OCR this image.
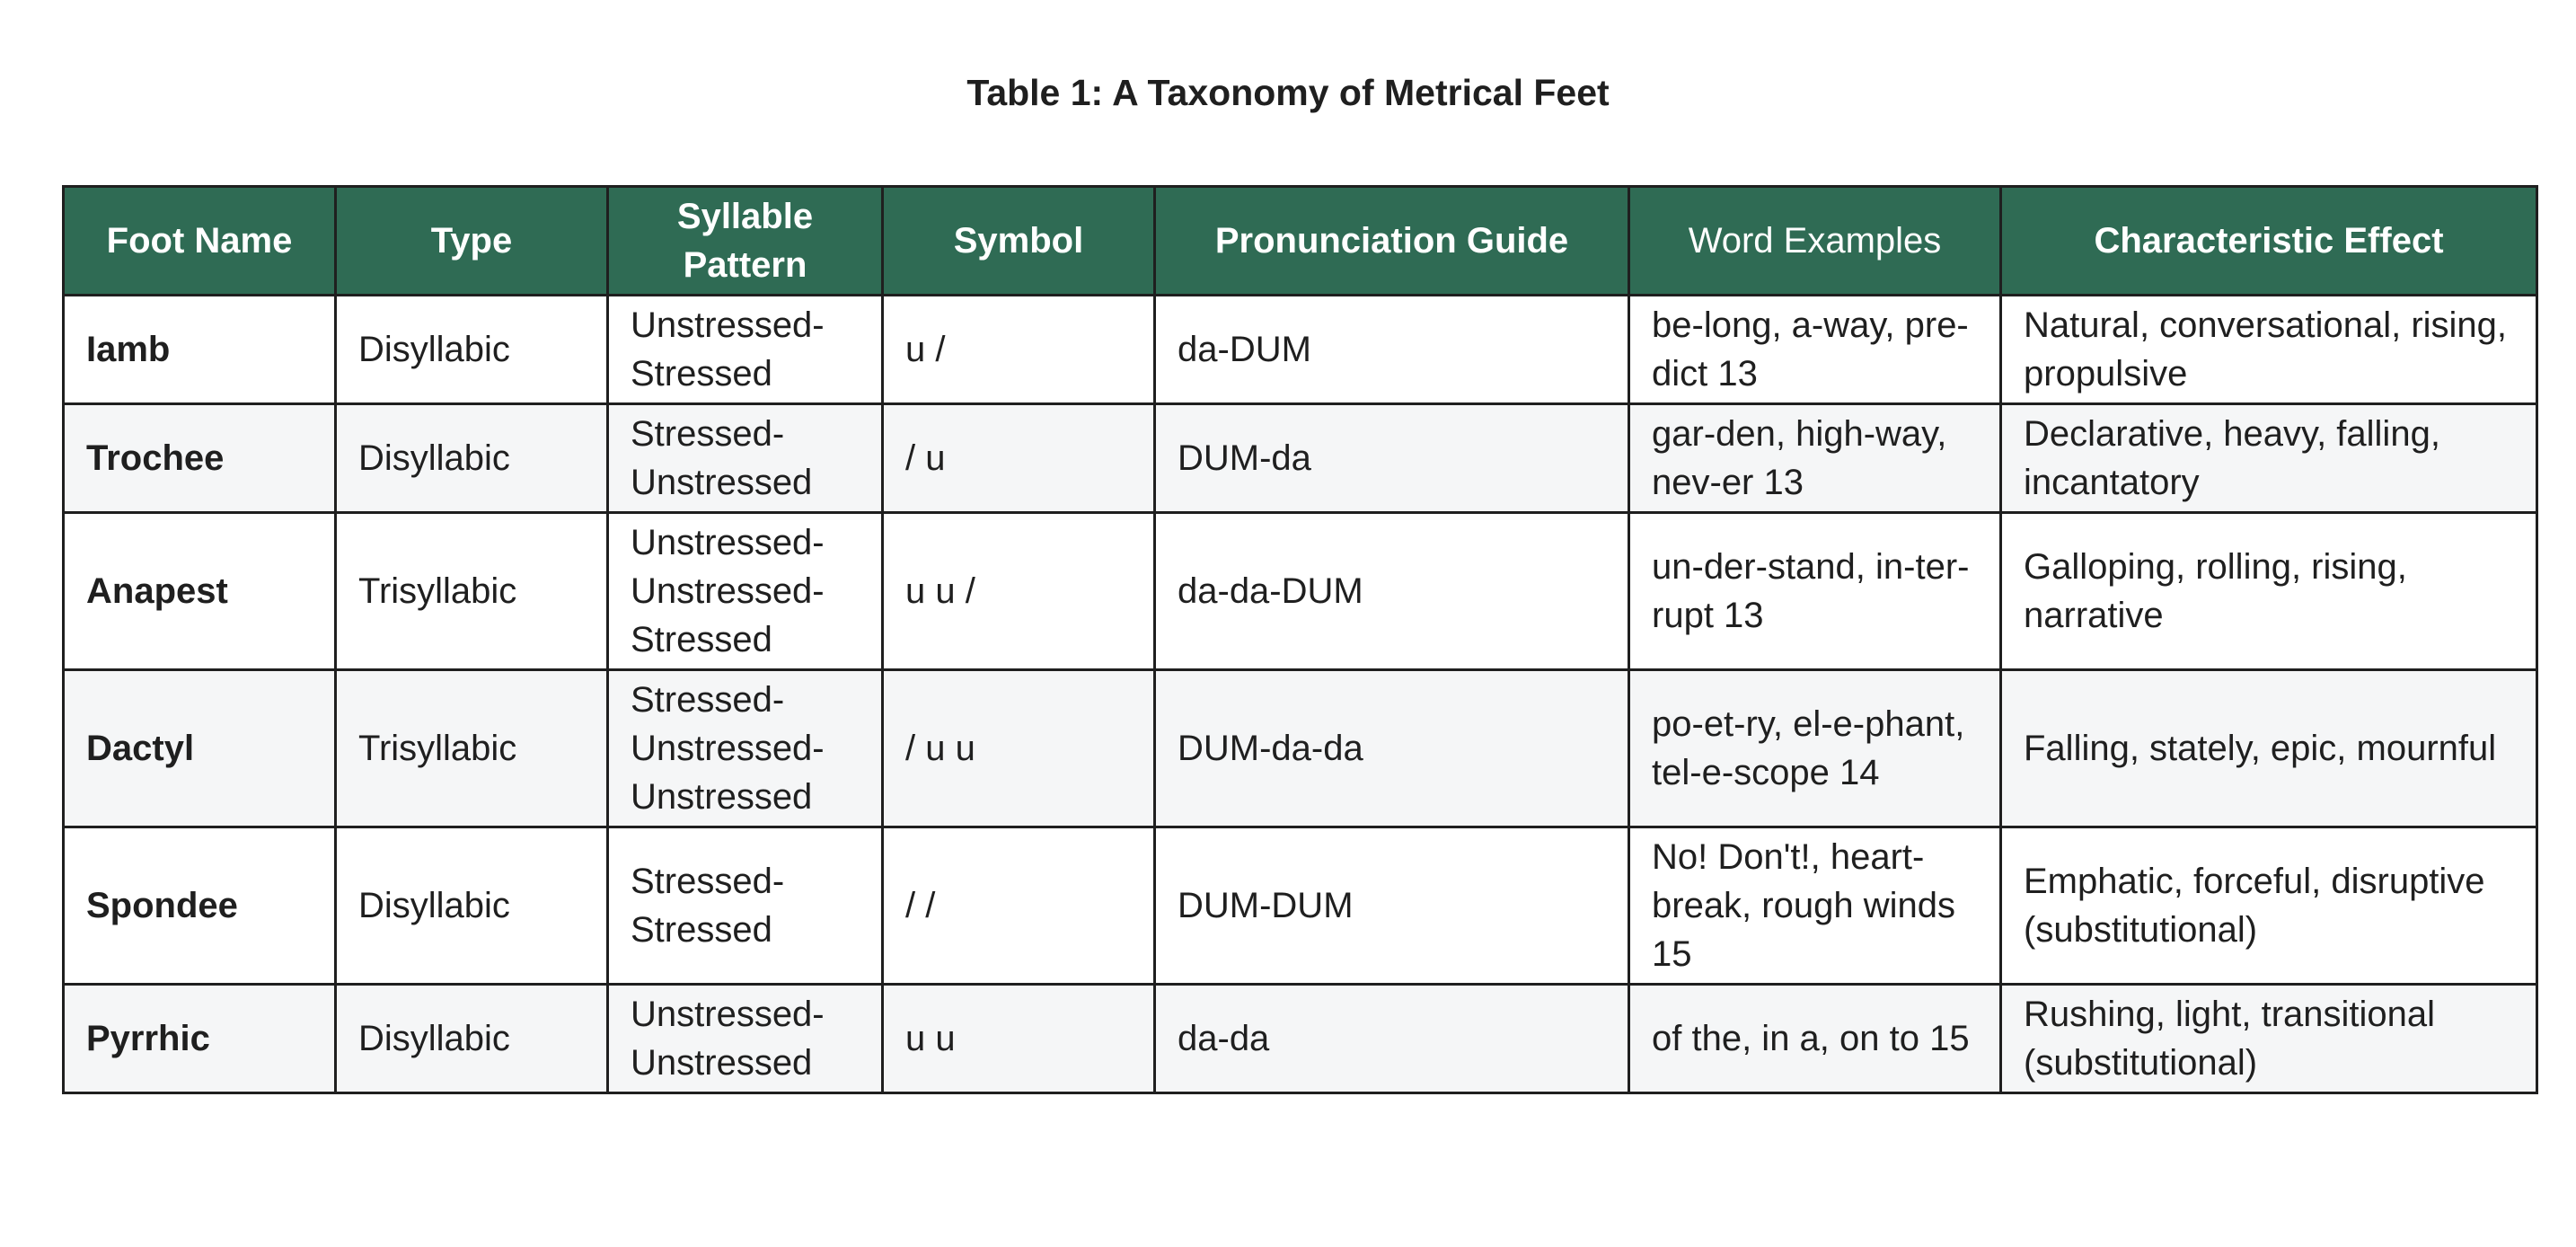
Table 1: A Taxonomy of Metrical Feet
Foot Name	Type	Syllable Pattern	Symbol	Pronunciation Guide	Word Examples	Characteristic Effect
Iamb	Disyllabic	Unstressed-Stressed	u /	da-DUM	be-long, a-way, pre-dict 13	Natural, conversational, rising, propulsive
Trochee	Disyllabic	Stressed-Unstressed	/ u	DUM-da	gar-den, high-way, nev-er 13	Declarative, heavy, falling, incantatory
Anapest	Trisyllabic	Unstressed-Unstressed-Stressed	u u /	da-da-DUM	un-der-stand, in-ter-rupt 13	Galloping, rolling, rising, narrative
Dactyl	Trisyllabic	Stressed-Unstressed-Unstressed	/ u u	DUM-da-da	po-et-ry, el-e-phant, tel-e-scope 14	Falling, stately, epic, mournful
Spondee	Disyllabic	Stressed-Stressed	/ /	DUM-DUM	No! Don't!, heart-break, rough winds 15	Emphatic, forceful, disruptive (substitutional)
Pyrrhic	Disyllabic	Unstressed-Unstressed	u u	da-da	of the, in a, on to 15	Rushing, light, transitional (substitutional)
